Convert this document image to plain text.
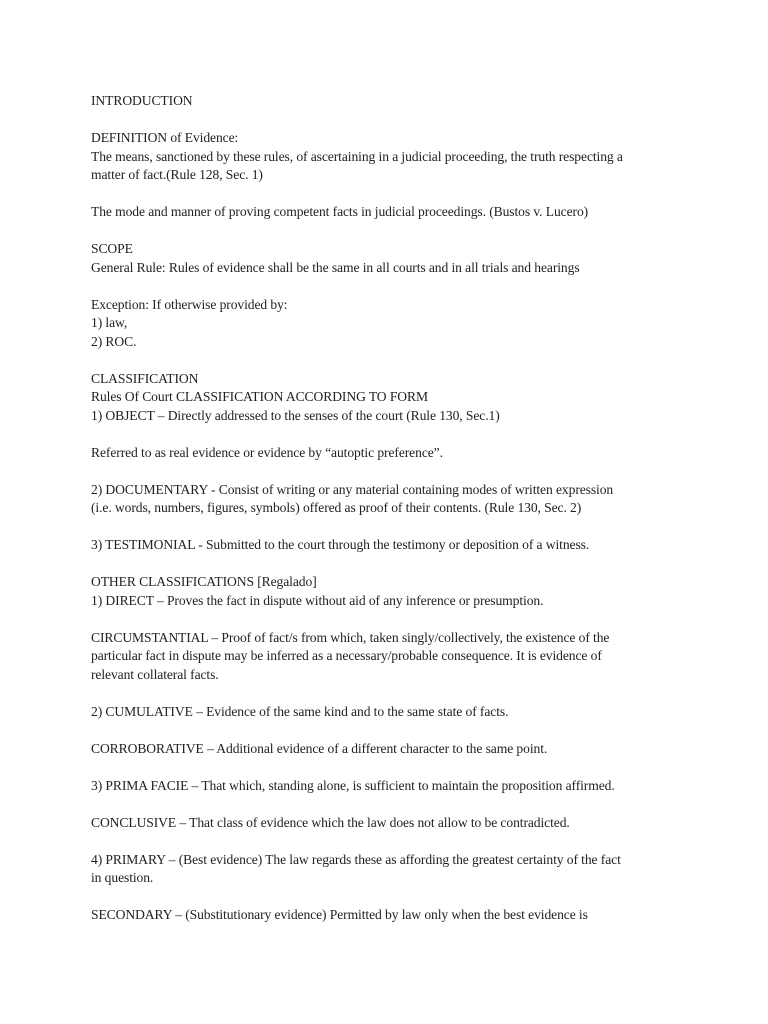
INTRODUCTION

DEFINITION of Evidence:

The means, sanctioned by these rules, of ascertaining in a judicial proceeding, the truth respecting a

matter of fact.(Rule 128, Sec. 1)

The mode and manner of proving competent facts in judicial proceedings. (Bustos v. Lucero)

SCOPE

General Rule: Rules of evidence shall be the same in all courts and in all trials and hearings

Exception: If otherwise provided by:

1) law,

2) ROC.

CLASSIFICATION

Rules Of Court CLASSIFICATION ACCORDING TO FORM

1) OBJECT – Directly addressed to the senses of the court (Rule 130, Sec.1)

Referred to as real evidence or evidence by “autoptic preference”.

2) DOCUMENTARY - Consist of writing or any material containing modes of written expression

(i.e. words, numbers, figures, symbols) offered as proof of their contents. (Rule 130, Sec. 2)

3) TESTIMONIAL - Submitted to the court through the testimony or deposition of a witness.

OTHER CLASSIFICATIONS [Regalado]

1) DIRECT – Proves the fact in dispute without aid of any inference or presumption.

CIRCUMSTANTIAL – Proof of fact/s from which, taken singly/collectively, the existence of the

particular fact in dispute may be inferred as a necessary/probable consequence. It is evidence of

relevant collateral facts.

2) CUMULATIVE – Evidence of the same kind and to the same state of facts.

CORROBORATIVE – Additional evidence of a different character to the same point.

3) PRIMA FACIE – That which, standing alone, is sufficient to maintain the proposition affirmed.

CONCLUSIVE – That class of evidence which the law does not allow to be contradicted.

4) PRIMARY – (Best evidence) The law regards these as affording the greatest certainty of the fact

in question.

SECONDARY – (Substitutionary evidence) Permitted by law only when the best evidence is
